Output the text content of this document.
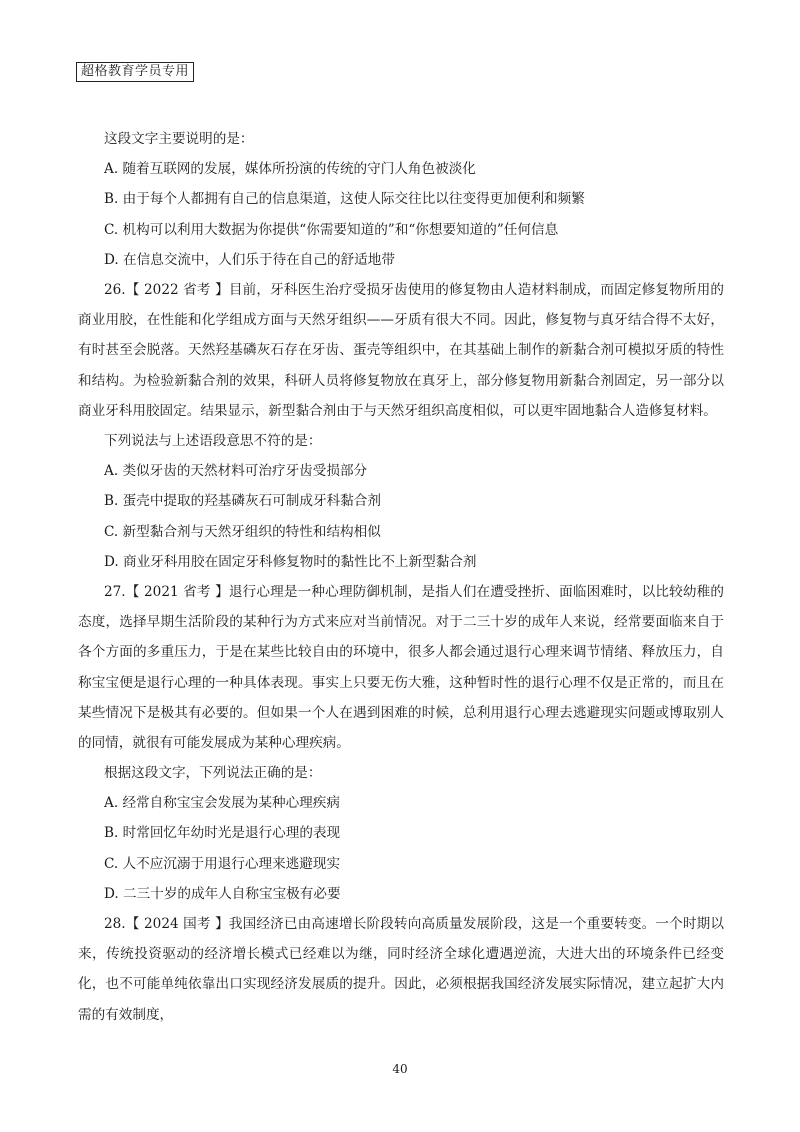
超格教育学员专用
这段文字主要说明的是：
A. 随着互联网的发展，媒体所扮演的传统的守门人角色被淡化
B. 由于每个人都拥有自己的信息渠道，这使人际交往比以往变得更加便利和频繁
C. 机构可以利用大数据为你提供“你需要知道的”和“你想要知道的”任何信息
D. 在信息交流中，人们乐于待在自己的舒适地带

26.【 2022 省考 】目前，牙科医生治疗受损牙齿使用的修复物由人造材料制成，而固定修复物所用的商业用胶，在性能和化学组成方面与天然牙组织——牙质有很大不同。因此，修复物与真牙结合得不太好，有时甚至会脱落。天然羟基磷灰石存在牙齿、蛋壳等组织中，在其基础上制作的新黏合剂可模拟牙质的特性和结构。为检验新黏合剂的效果，科研人员将修复物放在真牙上，部分修复物用新黏合剂固定，另一部分以商业牙科用胶固定。结果显示，新型黏合剂由于与天然牙组织高度相似，可以更牢固地黏合人造修复材料。

下列说法与上述语段意思不符的是：
A. 类似牙齿的天然材料可治疗牙齿受损部分
B. 蛋壳中提取的羟基磷灰石可制成牙科黏合剂
C. 新型黏合剂与天然牙组织的特性和结构相似
D. 商业牙科用胶在固定牙科修复物时的黏性比不上新型黏合剂

27.【 2021 省考 】退行心理是一种心理防御机制，是指人们在遭受挫折、面临困难时，以比较幼稚的态度，选择早期生活阶段的某种行为方式来应对当前情况。对于二三十岁的成年人来说，经常要面临来自于各个方面的多重压力，于是在某些比较自由的环境中，很多人都会通过退行心理来调节情绪、释放压力，自称宝宝便是退行心理的一种具体表现。事实上只要无伤大雅，这种暂时性的退行心理不仅是正常的，而且在某些情况下是极其有必要的。但如果一个人在遇到困难的时候，总利用退行心理去逃避现实问题或博取别人的同情，就很有可能发展成为某种心理疾病。

根据这段文字，下列说法正确的是：
A. 经常自称宝宝会发展为某种心理疾病
B. 时常回忆年幼时光是退行心理的表现
C. 人不应沉溺于用退行心理来逃避现实
D. 二三十岁的成年人自称宝宝极有必要

28.【 2024 国考 】我国经济已由高速增长阶段转向高质量发展阶段，这是一个重要转变。一个时期以来，传统投资驱动的经济增长模式已经难以为继，同时经济全球化遭遇逆流，大进大出的环境条件已经变化，也不可能单纯依靠出口实现经济发展质的提升。因此，必须根据我国经济发展实际情况，建立起扩大内需的有效制度，

40
